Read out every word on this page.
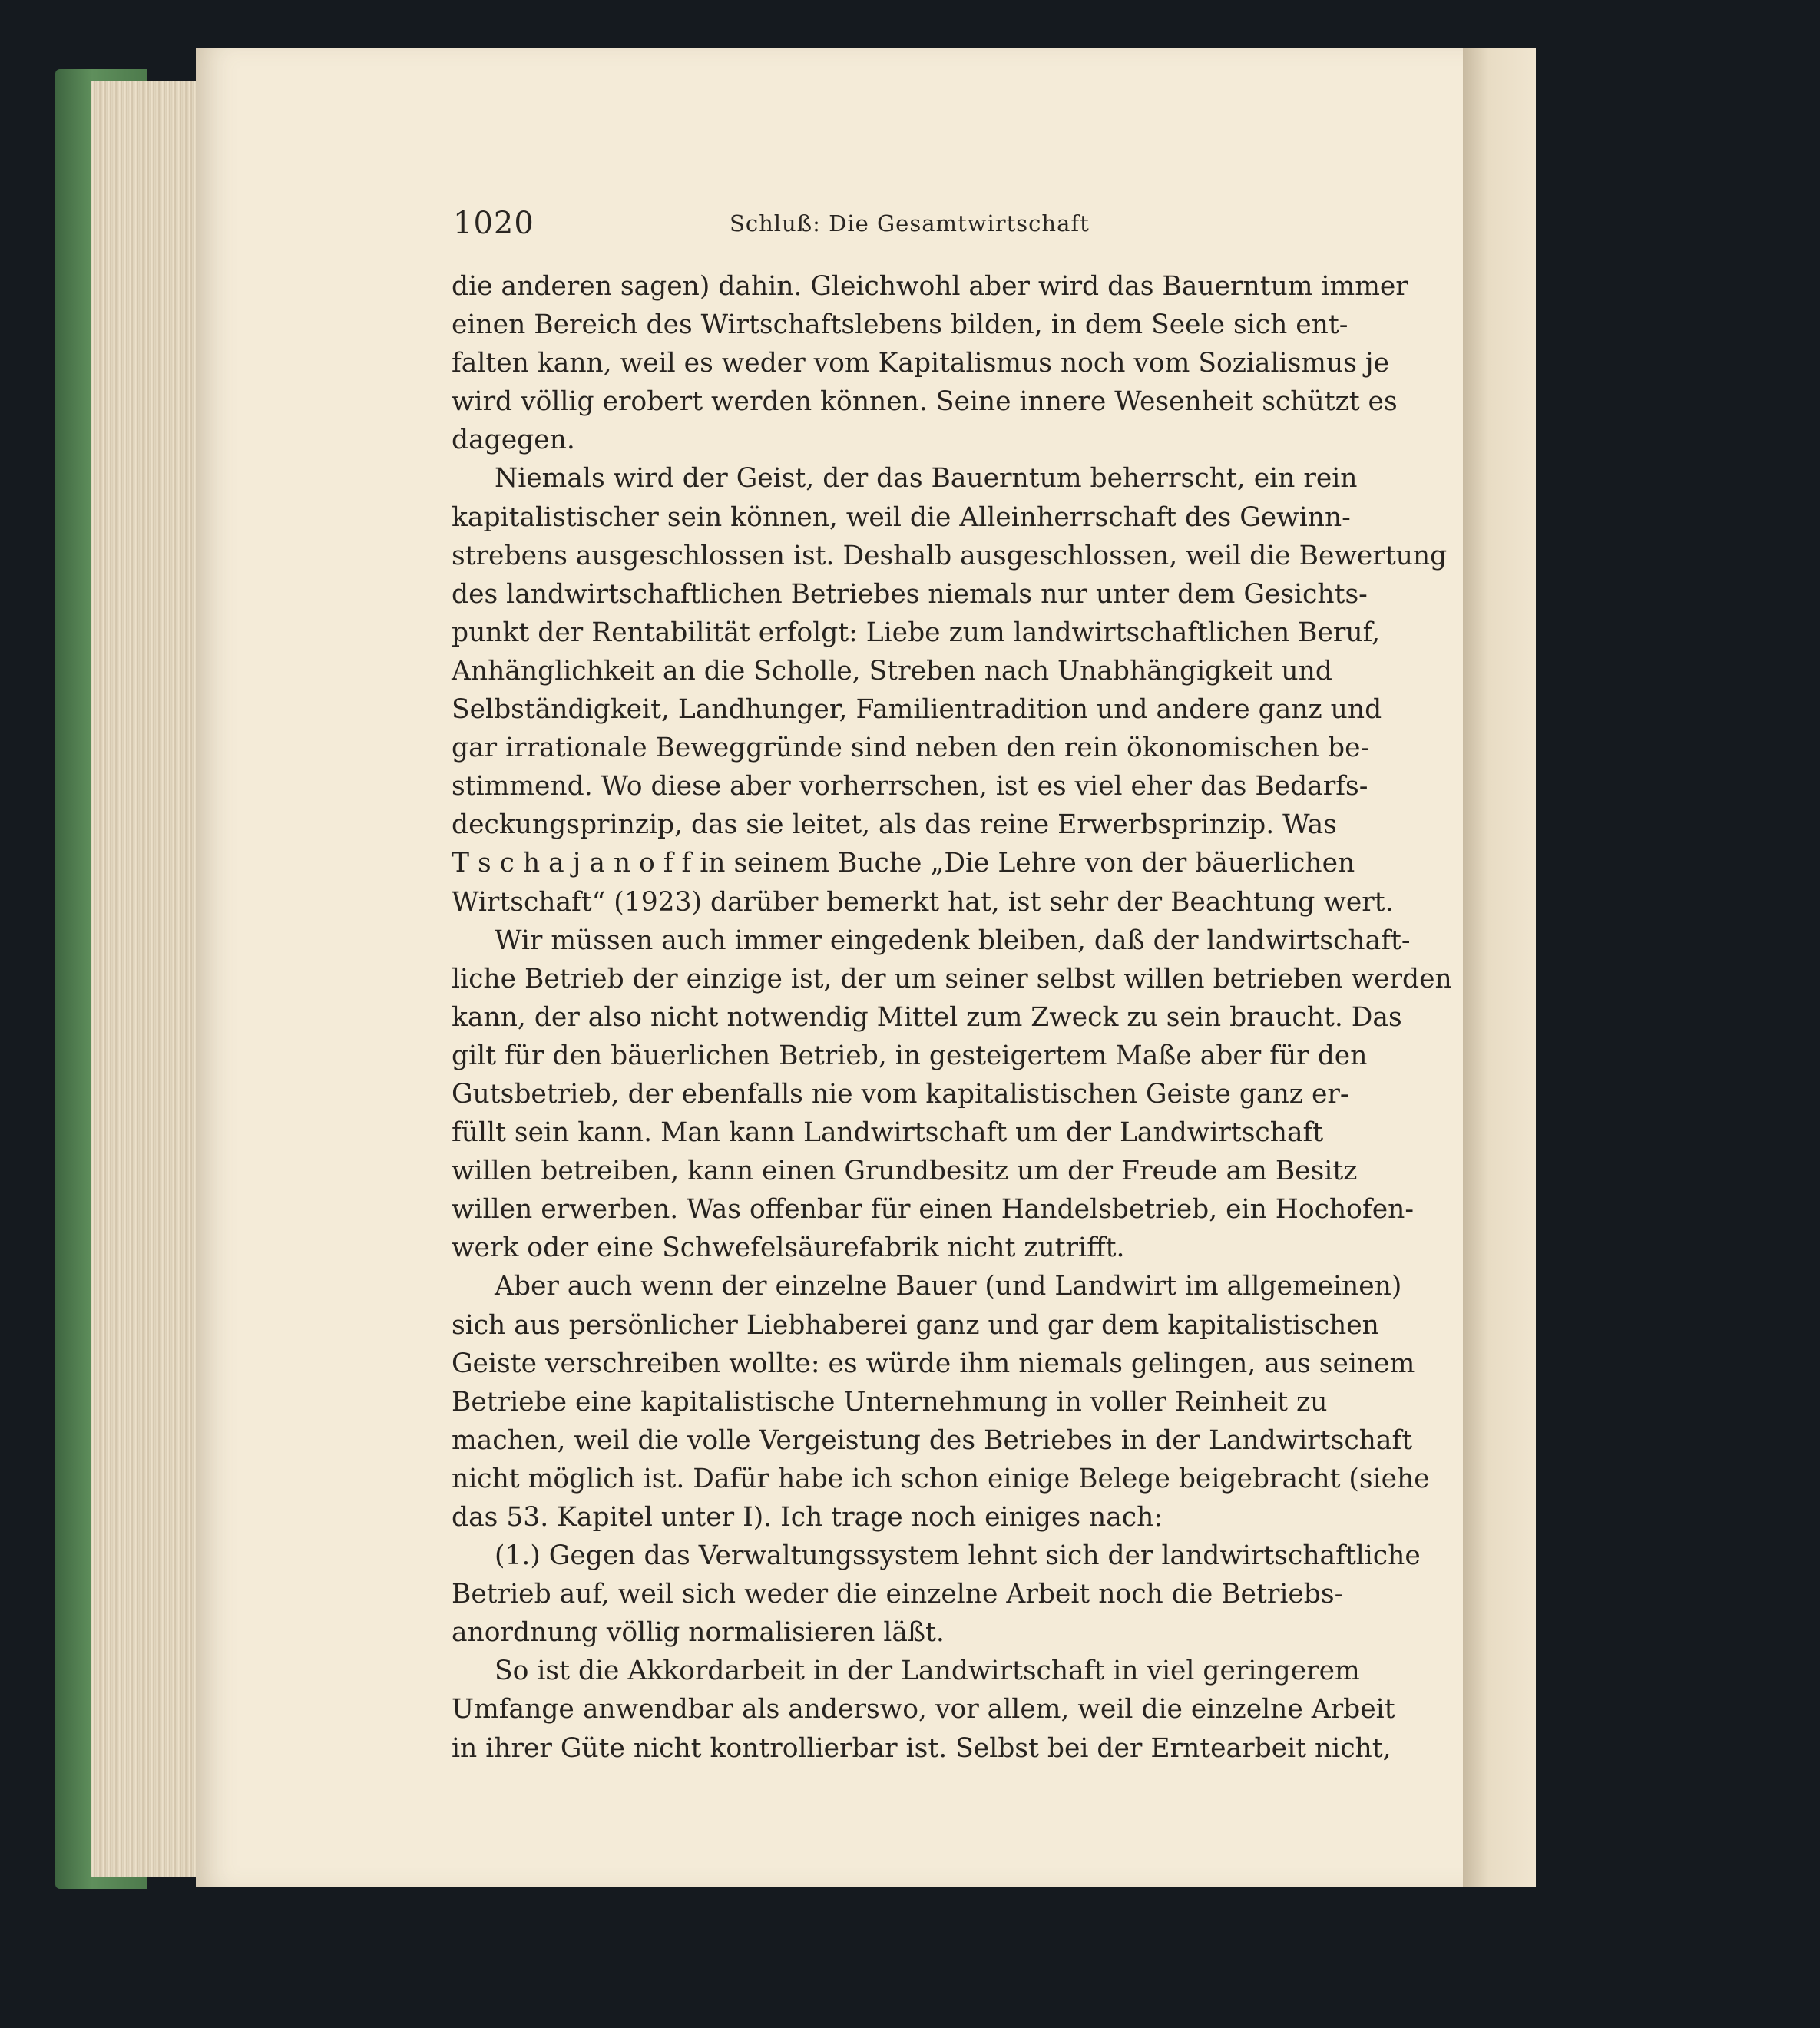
1020	Schluß: Die Gesamtwirtschaft
die anderen sagen) dahin. Gleichwohl aber wird das Bauerntum immer
einen Bereich des Wirtschaftslebens bilden, in dem Seele sich ent-
falten kann, weil es weder vom Kapitalismus noch vom Sozialismus je
wird völlig erobert werden können. Seine innere Wesenheit schützt es
dagegen.
Niemals wird der Geist, der das Bauerntum beherrscht, ein rein
kapitalistischer sein können, weil die Alleinherrschaft des Gewinn-
strebens ausgeschlossen ist. Deshalb ausgeschlossen, weil die Bewertung
des landwirtschaftlichen Betriebes niemals nur unter dem Gesichts-
punkt der Rentabilität erfolgt: Liebe zum landwirtschaftlichen Beruf,
Anhänglichkeit an die Scholle, Streben nach Unabhängigkeit und
Selbständigkeit, Landhunger, Familientradition und andere ganz und
gar irrationale Beweggründe sind neben den rein ökonomischen be-
stimmend. Wo diese aber vorherrschen, ist es viel eher das Bedarfs-
deckungsprinzip, das sie leitet, als das reine Erwerbsprinzip. Was
T s c h a j a n o f f in seinem Buche „Die Lehre von der bäuerlichen
Wirtschaft“ (1923) darüber bemerkt hat, ist sehr der Beachtung wert.
Wir müssen auch immer eingedenk bleiben, daß der landwirtschaft-
liche Betrieb der einzige ist, der um seiner selbst willen betrieben werden
kann, der also nicht notwendig Mittel zum Zweck zu sein braucht. Das
gilt für den bäuerlichen Betrieb, in gesteigertem Maße aber für den
Gutsbetrieb, der ebenfalls nie vom kapitalistischen Geiste ganz er-
füllt sein kann. Man kann Landwirtschaft um der Landwirtschaft
willen betreiben, kann einen Grundbesitz um der Freude am Besitz
willen erwerben. Was offenbar für einen Handelsbetrieb, ein Hochofen-
werk oder eine Schwefelsäurefabrik nicht zutrifft.
Aber auch wenn der einzelne Bauer (und Landwirt im allgemeinen)
sich aus persönlicher Liebhaberei ganz und gar dem kapitalistischen
Geiste verschreiben wollte: es würde ihm niemals gelingen, aus seinem
Betriebe eine kapitalistische Unternehmung in voller Reinheit zu
machen, weil die volle Vergeistung des Betriebes in der Landwirtschaft
nicht möglich ist. Dafür habe ich schon einige Belege beigebracht (siehe
das 53. Kapitel unter I). Ich trage noch einiges nach:
(1.) Gegen das Verwaltungssystem lehnt sich der landwirtschaftliche
Betrieb auf, weil sich weder die einzelne Arbeit noch die Betriebs-
anordnung völlig normalisieren läßt.
So ist die Akkordarbeit in der Landwirtschaft in viel geringerem
Umfange anwendbar als anderswo, vor allem, weil die einzelne Arbeit
in ihrer Güte nicht kontrollierbar ist. Selbst bei der Erntearbeit nicht,
